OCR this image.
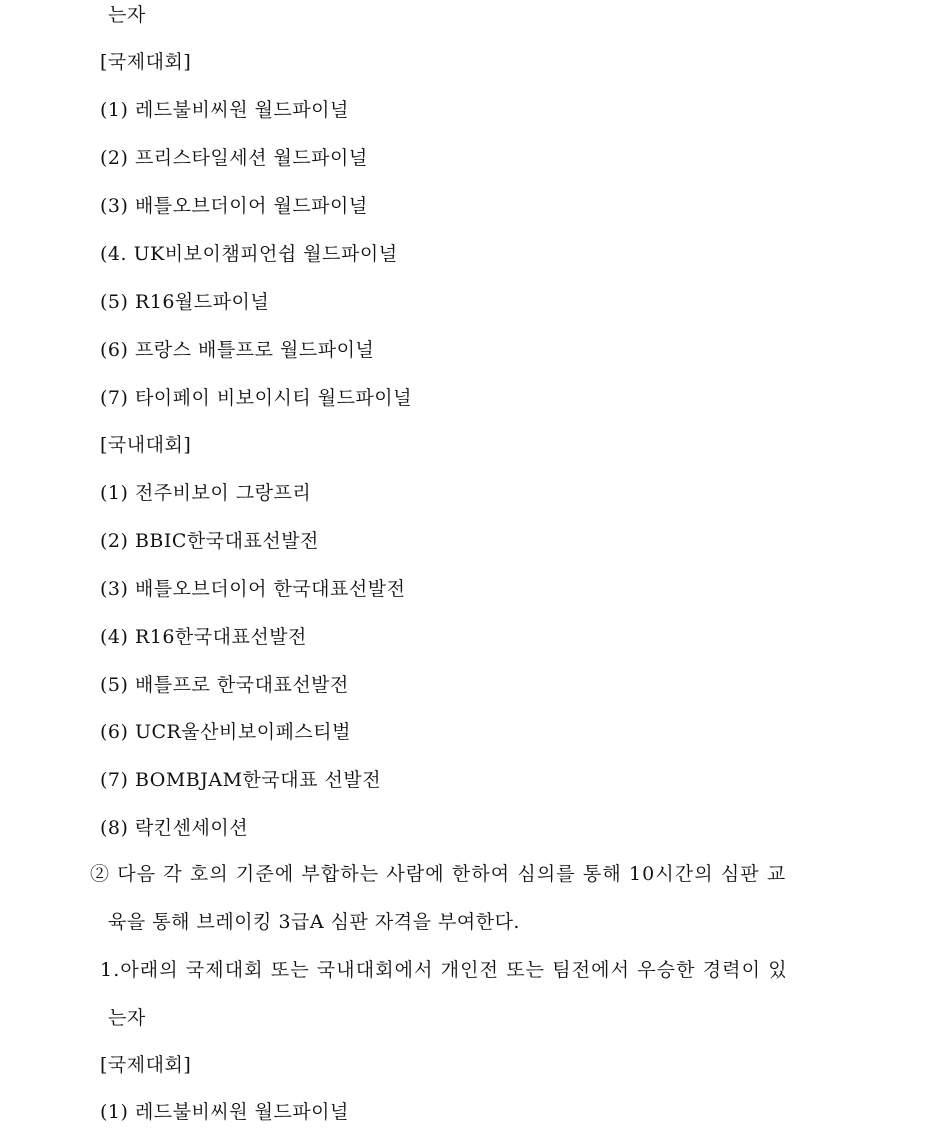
는자

[국제대회]

(1) 레드불비씨원 월드파이널

(2) 프리스타일세션 월드파이널

(3) 배틀오브더이어 월드파이널

(4. UK비보이챔피언쉽 월드파이널

(5) R16월드파이널

(6) 프랑스 배틀프로 월드파이널

(7) 타이페이 비보이시티 월드파이널

[국내대회]

(1) 전주비보이 그랑프리

(2) BBIC한국대표선발전

(3) 배틀오브더이어 한국대표선발전

(4) R16한국대표선발전

(5) 배틀프로 한국대표선발전

(6) UCR울산비보이페스티벌

(7) BOMBJAM한국대표 선발전

(8) 락킨센세이션

② 다음 각 호의 기준에 부합하는 사람에 한하여 심의를 통해 10시간의 심판 교

육을 통해 브레이킹 3급A 심판 자격을 부여한다.

1.아래의 국제대회 또는 국내대회에서 개인전 또는 팀전에서 우승한 경력이 있

는자

[국제대회]

(1) 레드불비씨원 월드파이널
